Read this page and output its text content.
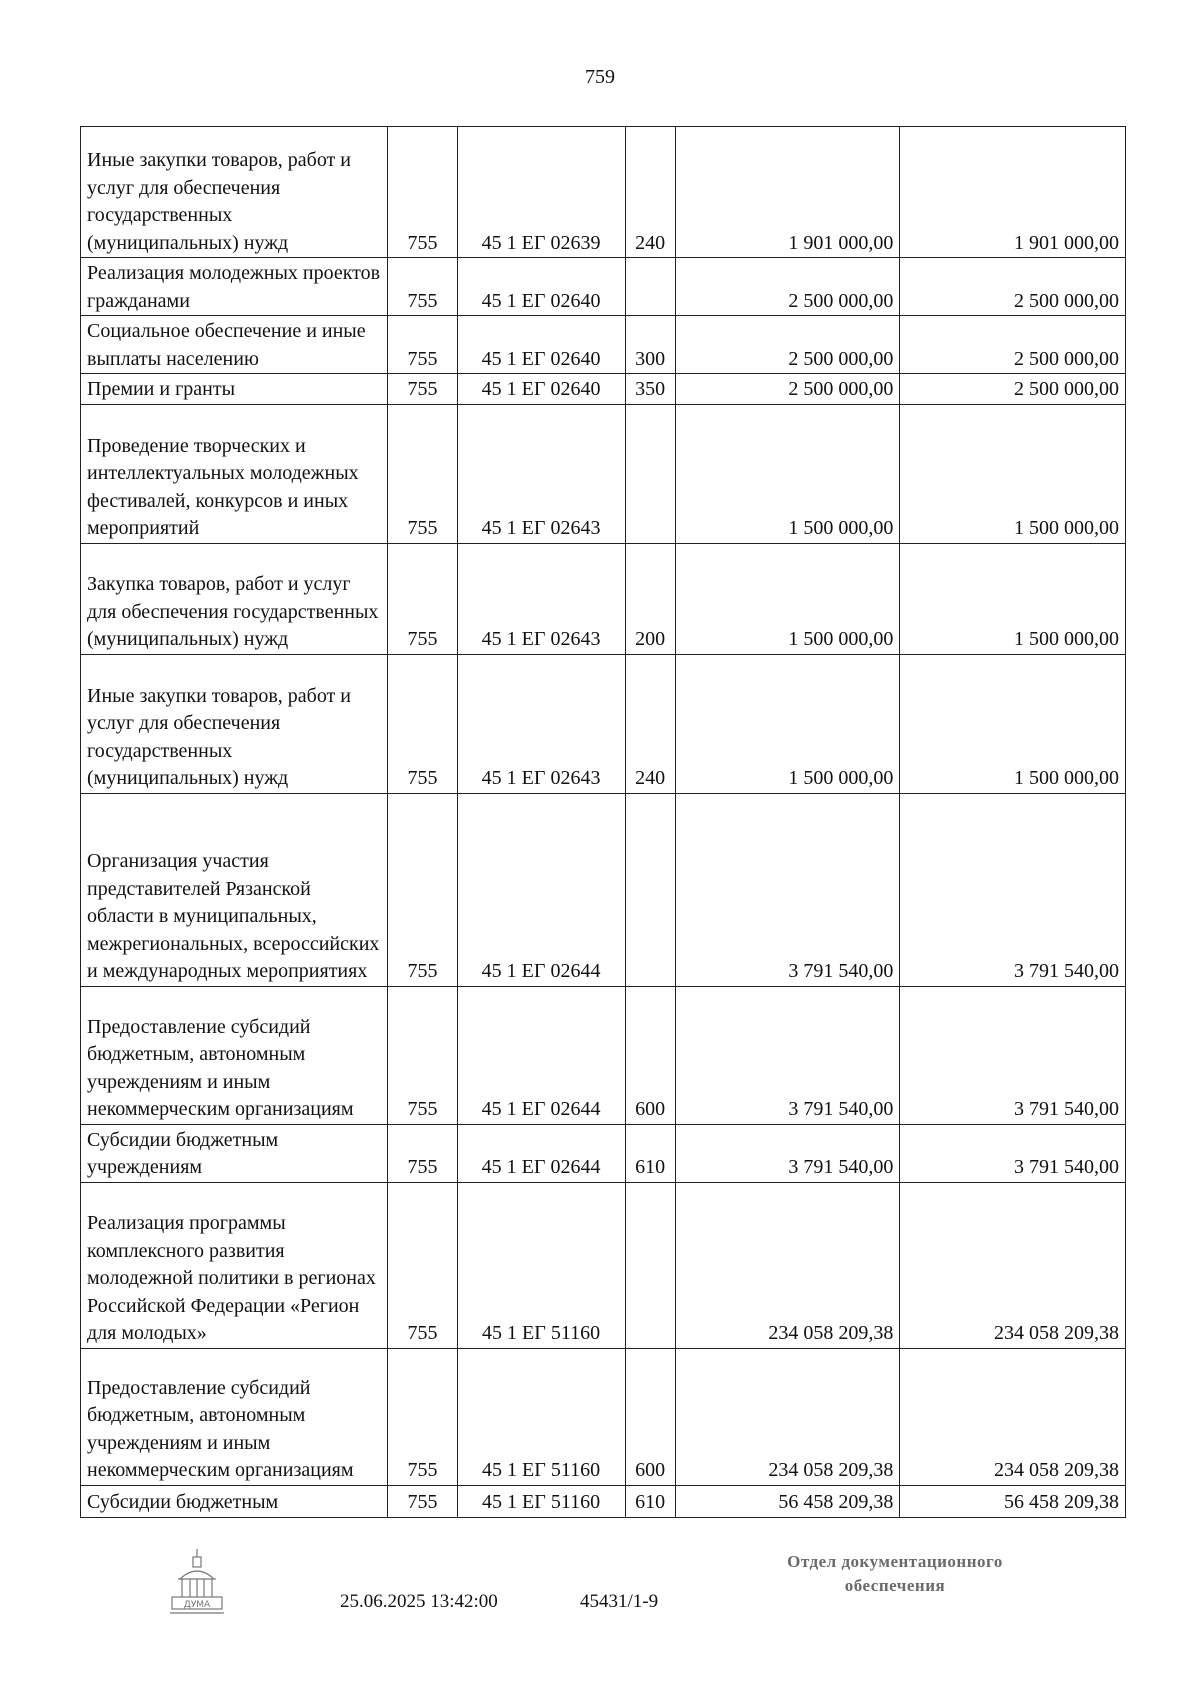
759
Иные закупки товаров, работ и услуг для обеспечения государственных (муниципальных) нужд	755	45 1 ЕГ 02639	240	1 901 000,00	1 901 000,00
Реализация молодежных проектов гражданами	755	45 1 ЕГ 02640		2 500 000,00	2 500 000,00
Социальное обеспечение и иные выплаты населению	755	45 1 ЕГ 02640	300	2 500 000,00	2 500 000,00
Премии и гранты	755	45 1 ЕГ 02640	350	2 500 000,00	2 500 000,00
Проведение творческих и интеллектуальных молодежных фестивалей, конкурсов и иных мероприятий	755	45 1 ЕГ 02643		1 500 000,00	1 500 000,00
Закупка товаров, работ и услуг для обеспечения государственных (муниципальных) нужд	755	45 1 ЕГ 02643	200	1 500 000,00	1 500 000,00
Иные закупки товаров, работ и услуг для обеспечения государственных (муниципальных) нужд	755	45 1 ЕГ 02643	240	1 500 000,00	1 500 000,00
Организация участия представителей Рязанской области в муниципальных, межрегиональных, всероссийских и международных мероприятиях	755	45 1 ЕГ 02644		3 791 540,00	3 791 540,00
Предоставление субсидий бюджетным, автономным учреждениям и иным некоммерческим организациям	755	45 1 ЕГ 02644	600	3 791 540,00	3 791 540,00
Субсидии бюджетным учреждениям	755	45 1 ЕГ 02644	610	3 791 540,00	3 791 540,00
Реализация программы комплексного развития молодежной политики в регионах Российской Федерации «Регион для молодых»	755	45 1 ЕГ 51160		234 058 209,38	234 058 209,38
Предоставление субсидий бюджетным, автономным учреждениям и иным некоммерческим организациям	755	45 1 ЕГ 51160	600	234 058 209,38	234 058 209,38
Субсидии бюджетным	755	45 1 ЕГ 51160	610	56 458 209,38	56 458 209,38
ДУМА	25.06.2025 13:42:00	45431/1-9
Отдел документационного обеспечения
